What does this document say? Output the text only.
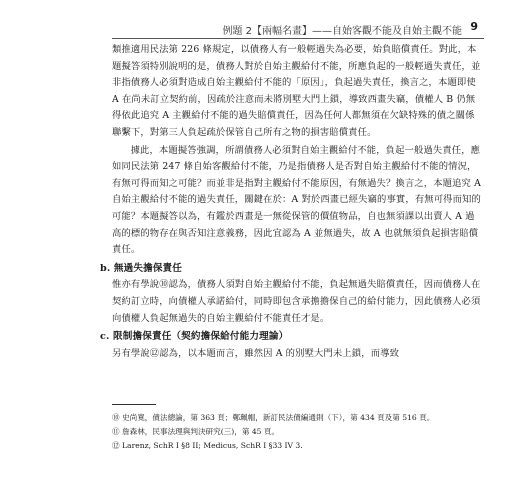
例題 2【兩幅名畫】——自始客觀不能及自始主觀不能 9

類推適用民法第 226 條規定，以債務人有一般輕過失為必要，始負賠償責任。對此，本題擬答須特別說明的是，債務人對於自始主觀給付不能，所應負起的一般輕過失責任，並非指債務人必須對造成自始主觀給付不能的「原因」，負起過失責任，換言之，本題即使 A 在尚未訂立契約前，因疏於注意而未將別墅大門上鎖，導致西畫失竊，債權人 B 仍無得依此追究 A 主觀給付不能的過失賠償責任，因為任何人都無須在欠缺特殊的債之關係聯繫下，對第三人負起疏於保管自己所有之物的損害賠償責任。

據此，本題擬答強調，所謂債務人必須對自始主觀給付不能，負起一般過失責任，應如同民法第 247 條自始客觀給付不能，乃是指債務人是否對自始主觀給付不能的情況，有無可得而知之可能？而並非是指對主觀給付不能原因，有無過失？換言之，本題追究 A 自始主觀給付不能的過失責任，關鍵在於：A 對於西畫已經失竊的事實，有無可得而知的可能？本題擬答以為，有鑑於西畫是一無從保管的價值物品，自也無須課以出賣人 A 過高的標的物存在與否知注意義務，因此宜認為 A 並無過失，故 A 也就無須負起損害賠償責任。

b. 無過失擔保責任

惟亦有學說⑩認為，債務人須對自始主觀給付不能，負起無過失賠償責任，因而債務人在契約訂立時，向債權人承諾給付，同時即包含承擔擔保自己的給付能力，因此債務人必須向債權人負起無過失的自始主觀給付不能責任才是。

c. 限制擔保責任（契約擔保給付能力理論）

另有學說⑫認為，以本題而言，雖然因 A 的別墅大門未上鎖，而導致

⑩ 史尚寬，債法總論，第 363 頁；鄭珮帽，新訂民法債編通則（下），第 434 頁及第 516 頁。

⑪ 詹森林，民事法理與判決研究(三)，第 45 頁。

⑫ Larenz, SchR I §8 II; Medicus, SchR I §33 IV 3.
